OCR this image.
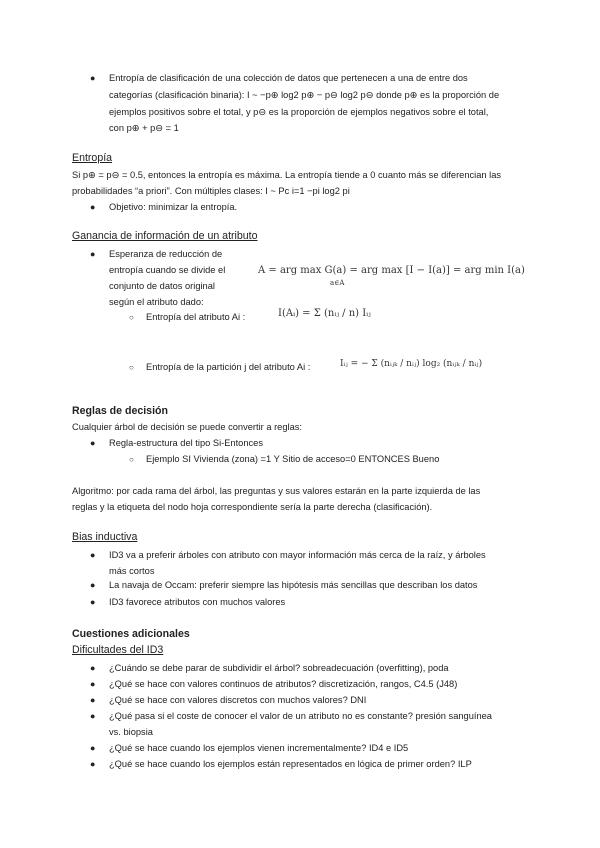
● Entropía de clasificación de una colección de datos que pertenecen a una de entre dos
categorías (clasificación binaria): I ~ −p⊕ log2 p⊕ − p⊖ log2 p⊖ donde p⊕ es la proporción de
ejemplos positivos sobre el total, y p⊖ es la proporción de ejemplos negativos sobre el total,
con p⊕ + p⊖ = 1
Entropía
Si p⊕ = p⊖ = 0.5, entonces la entropía es máxima. La entropía tiende a 0 cuanto más se diferencian las
probabilidades “a priori”. Con múltiples clases: I ~ Pc i=1 −pi log2 pi
● Objetivo: minimizar la entropía.
Ganancia de información de un atributo
● Esperanza de reducción de
entropía cuando se divide el
conjunto de datos original
según el atributo dado:
A = arg max G(a) = arg max [I − I(a)] = arg min I(a)
a∈A
○ Entropía del atributo Ai :	I(Aᵢ) = Σ (nᵢⱼ / n) Iᵢⱼ
○ Entropía de la partición j del atributo Ai :	Iᵢⱼ = − Σ (nᵢⱼₖ / nᵢⱼ) log₂ (nᵢⱼₖ / nᵢⱼ)
Reglas de decisión
Cualquier árbol de decisión se puede convertir a reglas:
● Regla-estructura del tipo Si-Entonces
○ Ejemplo SI Vivienda (zona) =1 Y Sitio de acceso=0 ENTONCES Bueno
Algoritmo: por cada rama del árbol, las preguntas y sus valores estarán en la parte izquierda de las
reglas y la etiqueta del nodo hoja correspondiente sería la parte derecha (clasificación).
Bias inductiva
● ID3 va a preferir árboles con atributo con mayor información más cerca de la raíz, y árboles
más cortos
● La navaja de Occam: preferir siempre las hipótesis más sencillas que describan los datos
● ID3 favorece atributos con muchos valores
Cuestiones adicionales
Dificultades del ID3
● ¿Cuándo se debe parar de subdividir el árbol? sobreadecuación (overfitting), poda
● ¿Qué se hace con valores continuos de atributos? discretización, rangos, C4.5 (J48)
● ¿Qué se hace con valores discretos con muchos valores? DNI
● ¿Qué pasa si el coste de conocer el valor de un atributo no es constante? presión sanguínea
vs. biopsia
● ¿Qué se hace cuando los ejemplos vienen incrementalmente? ID4 e ID5
● ¿Qué se hace cuando los ejemplos están representados en lógica de primer orden? ILP
